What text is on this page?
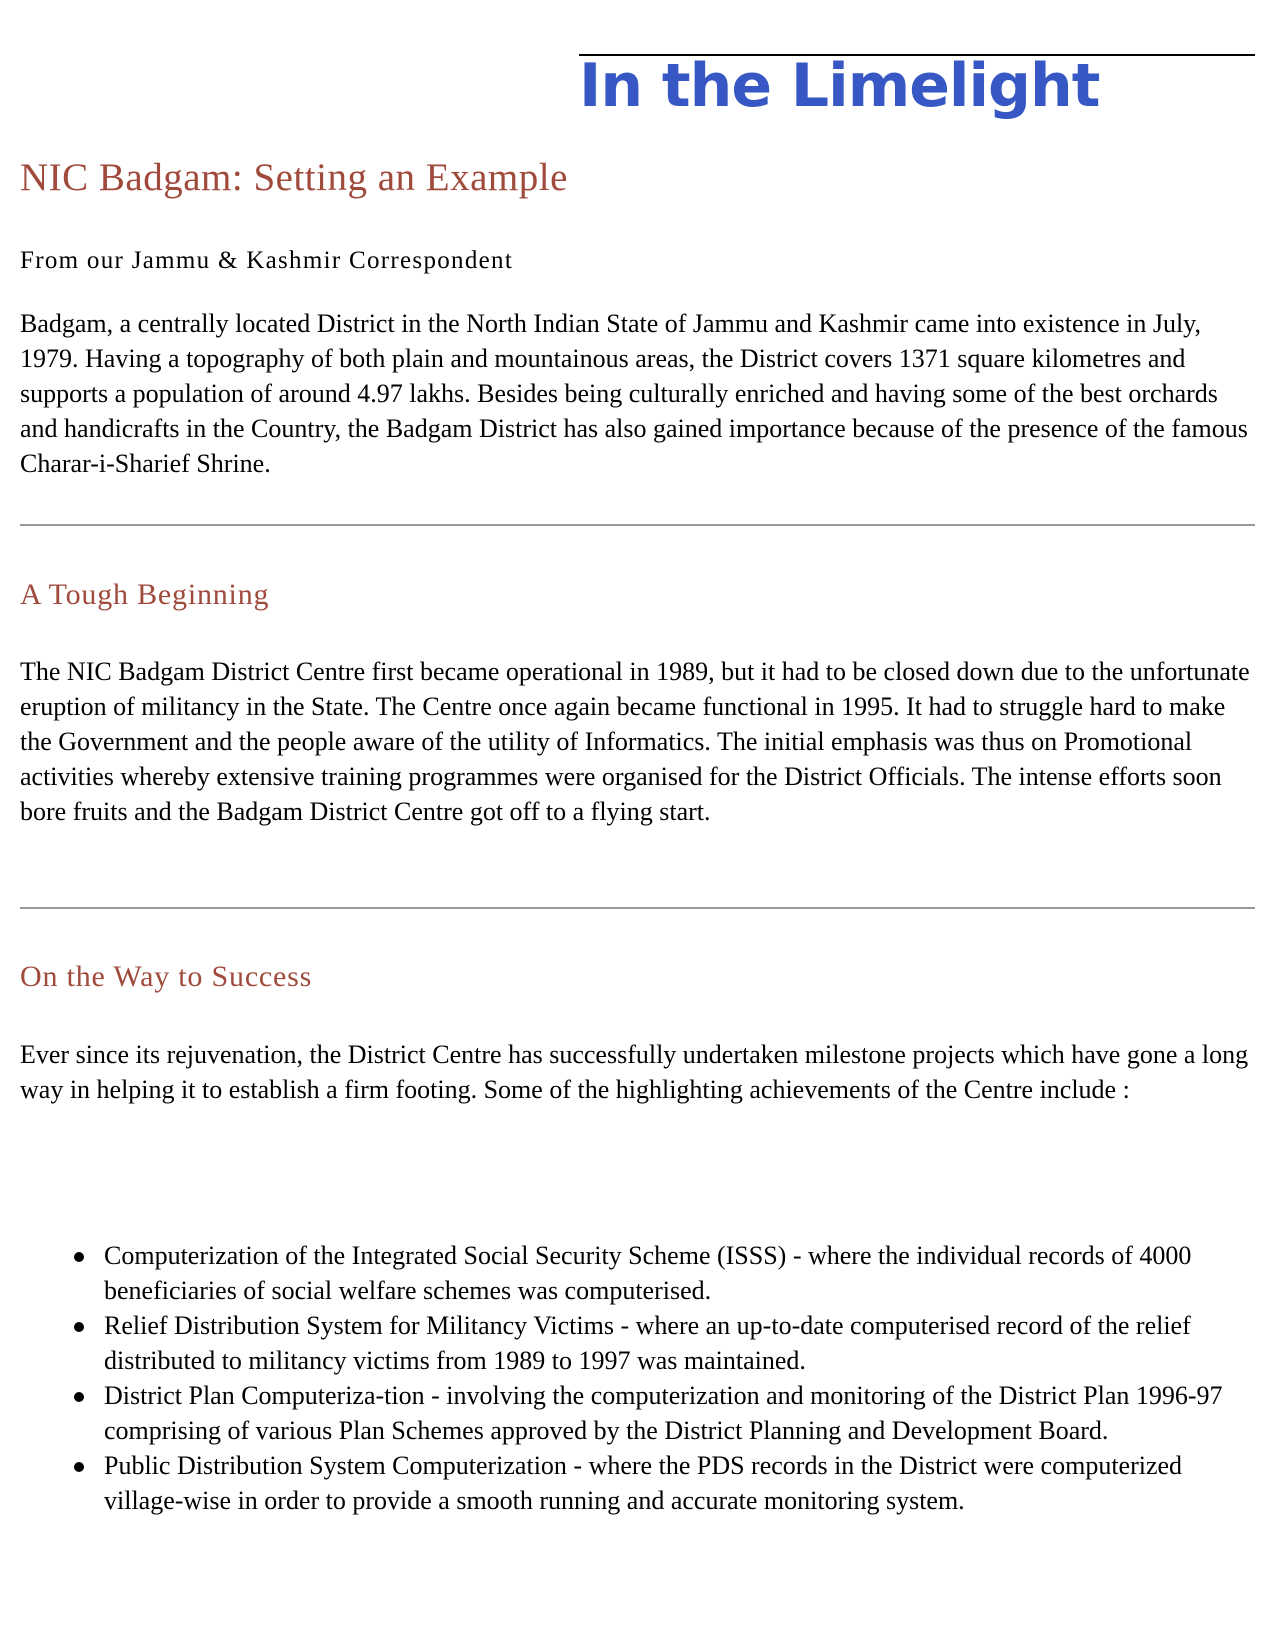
In the Limelight
NIC Badgam: Setting an Example

From our Jammu & Kashmir Correspondent

Badgam, a centrally located District in the North Indian State of Jammu and Kashmir came into existence in July, 1979. Having a topography of both plain and mountainous areas, the District covers 1371 square kilometres and supports a population of around 4.97 lakhs. Besides being culturally enriched and having some of the best orchards and handicrafts in the Country, the Badgam District has also gained importance because of the presence of the famous Charar-i-Sharief Shrine.

A Tough Beginning

The NIC Badgam District Centre first became operational in 1989, but it had to be closed down due to the unfortunate eruption of militancy in the State. The Centre once again became functional in 1995. It had to struggle hard to make the Government and the people aware of the utility of Informatics. The initial emphasis was thus on Promotional activities whereby extensive training programmes were organised for the District Officials. The intense efforts soon bore fruits and the Badgam District Centre got off to a flying start.

On the Way to Success

Ever since its rejuvenation, the District Centre has successfully undertaken milestone projects which have gone a long way in helping it to establish a firm footing. Some of the highlighting achievements of the Centre include :

Computerization of the Integrated Social Security Scheme (ISSS) - where the individual records of 4000 beneficiaries of social welfare schemes was computerised.
Relief Distribution System for Militancy Victims - where an up-to-date computerised record of the relief distributed to militancy victims from 1989 to 1997 was maintained.
District Plan Computeriza-tion - involving the computerization and monitoring of the District Plan 1996-97 comprising of various Plan Schemes approved by the District Planning and Development Board.
Public Distribution System Computerization - where the PDS records in the District were computerized village-wise in order to provide a smooth running and accurate monitoring system.
